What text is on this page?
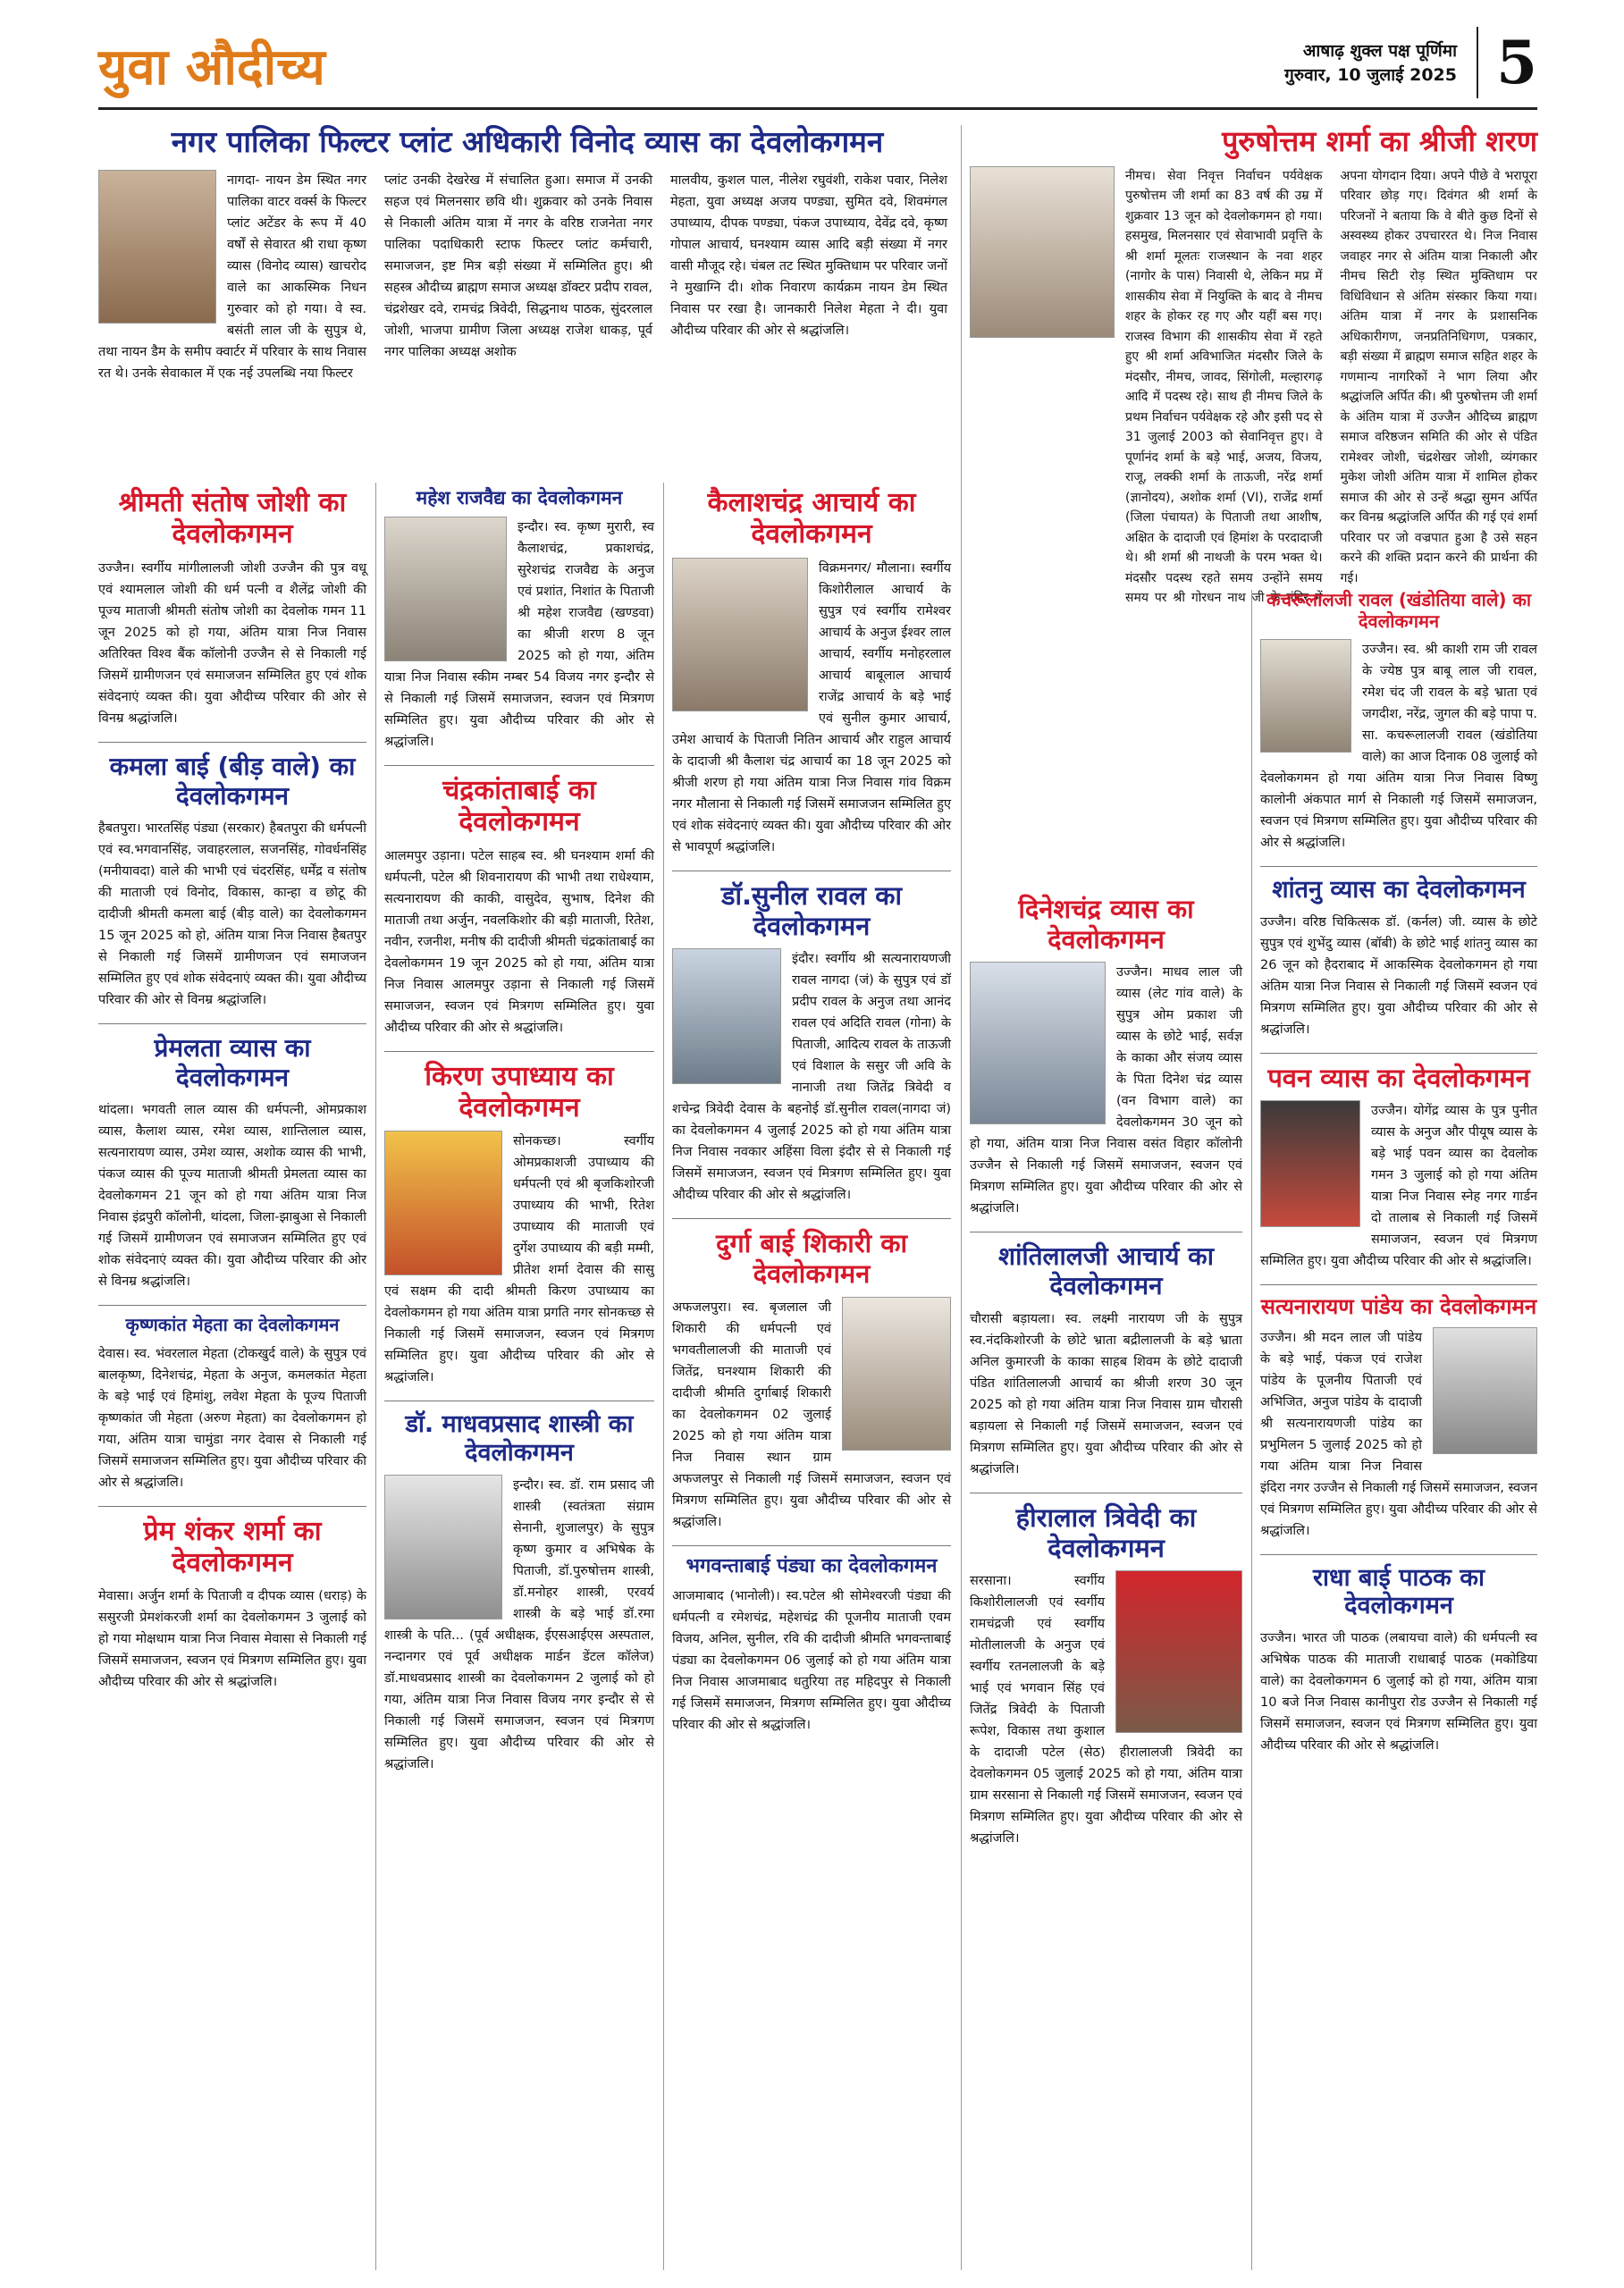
युवा औदीच्य	आषाढ़ शुक्ल पक्ष पूर्णिमा
गुरुवार, 10 जुलाई 2025 5
नगर पालिका फिल्टर प्लांट अधिकारी विनोद व्यास का देवलोकगमन

नागदा- नायन डेम स्थित नगर पालिका वाटर वर्क्स के फिल्टर प्लांट अटेंडर के रूप में 40 वर्षों से सेवारत श्री राधा कृष्ण व्यास (विनोद व्यास) खाचरोद वाले का आकस्मिक निधन गुरुवार को हो गया। वे स्व. बसंती लाल जी के सुपुत्र थे, तथा नायन डैम के समीप क्वार्टर में परिवार के साथ निवास रत थे। उनके सेवाकाल में एक नई उपलब्धि नया फिल्टर

प्लांट उनकी देखरेख में संचालित हुआ। समाज में उनकी सहज एवं मिलनसार छवि थी। शुक्रवार को उनके निवास से निकाली अंतिम यात्रा में नगर के वरिष्ठ राजनेता नगर पालिका पदाधिकारी स्टाफ फिल्टर प्लांट कर्मचारी, समाजजन, इष्ट मित्र बड़ी संख्या में सम्मिलित हुए। श्री सहस्त्र औदीच्य ब्राह्मण समाज अध्यक्ष डॉक्टर प्रदीप रावल, चंद्रशेखर दवे, रामचंद्र त्रिवेदी, सिद्धनाथ पाठक, सुंदरलाल जोशी, भाजपा ग्रामीण जिला अध्यक्ष राजेश धाकड़, पूर्व नगर पालिका अध्यक्ष अशोक

मालवीय, कुशल पाल, नीलेश रघुवंशी, राकेश पवार, निलेश मेहता, युवा अध्यक्ष अजय पण्ड्या, सुमित दवे, शिवमंगल उपाध्याय, दीपक पण्ड्या, पंकज उपाध्याय, देवेंद्र दवे, कृष्ण गोपाल आचार्य, घनश्याम व्यास आदि बड़ी संख्या में नगर वासी मौजूद रहे। चंबल तट स्थित मुक्तिधाम पर परिवार जनों ने मुखाग्नि दी। शोक निवारण कार्यक्रम नायन डेम स्थित निवास पर रखा है। जानकारी निलेश मेहता ने दी। युवा औदीच्य परिवार की ओर से श्रद्धांजलि।

पुरुषोत्तम शर्मा का श्रीजी शरण

नीमच। सेवा निवृत्त निर्वाचन पर्यवेक्षक पुरुषोत्तम जी शर्मा का 83 वर्ष की उम्र में शुक्रवार 13 जून को देवलोकगमन हो गया। हसमुख, मिलनसार एवं सेवाभावी प्रवृत्ति के श्री शर्मा मूलतः राजस्थान के नवा शहर (नागोर के पास) निवासी थे, लेकिन मप्र में शासकीय सेवा में नियुक्ति के बाद वे नीमच शहर के होकर रह गए और यहीं बस गए। राजस्व विभाग की शासकीय सेवा में रहते हुए श्री शर्मा अविभाजित मंदसौर जिले के मंदसौर, नीमच, जावद, सिंगोली, मल्हारगढ़ आदि में पदस्थ रहे। साथ ही नीमच जिले के प्रथम निर्वाचन पर्यवेक्षक रहे और इसी पद से 31 जुलाई 2003 को सेवानिवृत्त हुए। वे पूर्णानंद शर्मा के बड़े भाई, अजय, विजय, राजू, लक्की शर्मा के ताऊजी, नरेंद्र शर्मा (ज्ञानोदय), अशोक शर्मा (VI), राजेंद्र शर्मा (जिला पंचायत) के पिताजी तथा आशीष, अक्षित के दादाजी एवं हिमांश के परदादाजी थे। श्री शर्मा श्री नाथजी के परम भक्त थे। मंदसौर पदस्थ रहते समय उन्होंने समय समय पर श्री गोरधन नाथ जी के मंदिर में अपना योगदान दिया। अपने पीछे वे भरापूरा परिवार छोड़ गए। दिवंगत श्री शर्मा के परिजनों ने बताया कि वे बीते कुछ दिनों से अस्वस्थ्य होकर उपचाररत थे। निज निवास जवाहर नगर से अंतिम यात्रा निकाली और नीमच सिटी रोड़ स्थित मुक्तिधाम पर विधिविधान से अंतिम संस्कार किया गया। अंतिम यात्रा में नगर के प्रशासनिक अधिकारीगण, जनप्रतिनिधिगण, पत्रकार, बड़ी संख्या में ब्राह्मण समाज सहित शहर के गणमान्य नागरिकों ने भाग लिया और श्रद्धांजलि अर्पित की। श्री पुरुषोत्तम जी शर्मा के अंतिम यात्रा में उज्जैन औदिच्य ब्राह्मण समाज वरिष्ठजन समिति की ओर से पंडित रामेश्वर जोशी, चंद्रशेखर जोशी, व्यंगकार मुकेश जोशी अंतिम यात्रा में शामिल होकर समाज की ओर से उन्हें श्रद्धा सुमन अर्पित कर विनम्र श्रद्धांजलि अर्पित की गई एवं शर्मा परिवार पर जो वज्रपात हुआ है उसे सहन करने की शक्ति प्रदान करने की प्रार्थना की गई।

श्रीमती संतोष जोशी का देवलोकगमन

उज्जैन। स्वर्गीय मांगीलालजी जोशी उज्जैन की पुत्र वधू एवं श्यामलाल जोशी की धर्म पत्नी व शैलेंद्र जोशी की पूज्य माताजी श्रीमती संतोष जोशी का देवलोक गमन 11 जून 2025 को हो गया, अंतिम यात्रा निज निवास अतिरिक्त विश्व बैंक कॉलोनी उज्जैन से से निकाली गई जिसमें ग्रामीणजन एवं समाजजन सम्मिलित हुए एवं शोक संवेदनाएं व्यक्त की। युवा औदीच्य परिवार की ओर से विनम्र श्रद्धांजलि।

कमला बाई (बीड़ वाले) का देवलोकगमन

हैबतपुरा। भारतसिंह पंड्या (सरकार) हैबतपुरा की धर्मपत्नी एवं स्व.भगवानसिंह, जवाहरलाल, सजनसिंह, गोवर्धनसिंह (मनीयावदा) वाले की भाभी एवं चंदरसिंह, धर्मेंद्र व संतोष की माताजी एवं विनोद, विकास, कान्हा व छोटू की दादीजी श्रीमती कमला बाई (बीड़ वाले) का देवलोकगमन 15 जून 2025 को हो, अंतिम यात्रा निज निवास हैबतपुर से निकाली गई जिसमें ग्रामीणजन एवं समाजजन सम्मिलित हुए एवं शोक संवेदनाएं व्यक्त की। युवा औदीच्य परिवार की ओर से विनम्र श्रद्धांजलि।

प्रेमलता व्यास का देवलोकगमन

थांदला। भगवती लाल व्यास की धर्मपत्नी, ओमप्रकाश व्यास, कैलाश व्यास, रमेश व्यास, शान्तिलाल व्यास, सत्यनारायण व्यास, उमेश व्यास, अशोक व्यास की भाभी, पंकज व्यास की पूज्य माताजी श्रीमती प्रेमलता व्यास का देवलोकगमन 21 जून को हो गया अंतिम यात्रा निज निवास इंद्रपुरी कॉलोनी, थांदला, जिला-झाबुआ से निकाली गई जिसमें ग्रामीणजन एवं समाजजन सम्मिलित हुए एवं शोक संवेदनाएं व्यक्त की। युवा औदीच्य परिवार की ओर से विनम्र श्रद्धांजलि।

कृष्णकांत मेहता का देवलोकगमन

देवास। स्व. भंवरलाल मेहता (टोकखुर्द वाले) के सुपुत्र एवं बालकृष्ण, दिनेशचंद्र, मेहता के अनुज, कमलकांत मेहता के बड़े भाई एवं हिमांशु, लवेश मेहता के पूज्य पिताजी कृष्णकांत जी मेहता (अरुण मेहता) का देवलोकगमन हो गया, अंतिम यात्रा चामुंडा नगर देवास से निकाली गई जिसमें समाजजन सम्मिलित हुए। युवा औदीच्य परिवार की ओर से श्रद्धांजलि।

प्रेम शंकर शर्मा का देवलोकगमन

मेवासा। अर्जुन शर्मा के पिताजी व दीपक व्यास (धराड़) के ससुरजी प्रेमशंकरजी शर्मा का देवलोकगमन 3 जुलाई को हो गया मोक्षधाम यात्रा निज निवास मेवासा से निकाली गई जिसमें समाजजन, स्वजन एवं मित्रगण सम्मिलित हुए। युवा औदीच्य परिवार की ओर से श्रद्धांजलि।

महेश राजवैद्य का देवलोकगमन

इन्दौर। स्व. कृष्ण मुरारी, स्व कैलाशचंद्र, प्रकाशचंद्र, सुरेशचंद्र राजवैद्य के अनुज एवं प्रशांत, निशांत के पिताजी श्री महेश राजवैद्य (खण्डवा) का श्रीजी शरण 8 जून 2025 को हो गया, अंतिम यात्रा निज निवास स्कीम नम्बर 54 विजय नगर इन्दौर से से निकाली गई जिसमें समाजजन, स्वजन एवं मित्रगण सम्मिलित हुए। युवा औदीच्य परिवार की ओर से श्रद्धांजलि।

चंद्रकांताबाई का देवलोकगमन

आलमपुर उड़ाना। पटेल साहब स्व. श्री घनश्याम शर्मा की धर्मपत्नी, पटेल श्री शिवनारायण की भाभी तथा राधेश्याम, सत्यनारायण की काकी, वासुदेव, सुभाष, दिनेश की माताजी तथा अर्जुन, नवलकिशोर की बड़ी माताजी, रितेश, नवीन, रजनीश, मनीष की दादीजी श्रीमती चंद्रकांताबाई का देवलोकगमन 19 जून 2025 को हो गया, अंतिम यात्रा निज निवास आलमपुर उड़ाना से निकाली गई जिसमें समाजजन, स्वजन एवं मित्रगण सम्मिलित हुए। युवा औदीच्य परिवार की ओर से श्रद्धांजलि।

किरण उपाध्याय का देवलोकगमन

सोनकच्छ। स्वर्गीय ओमप्रकाशजी उपाध्याय की धर्मपत्नी एवं श्री बृजकिशोरजी उपाध्याय की भाभी, रितेश उपाध्याय की माताजी एवं दुर्गेश उपाध्याय की बड़ी मम्मी, प्रीतेश शर्मा देवास की सासु एवं सक्षम की दादी श्रीमती किरण उपाध्याय का देवलोकगमन हो गया अंतिम यात्रा प्रगति नगर सोनकच्छ से निकाली गई जिसमें समाजजन, स्वजन एवं मित्रगण सम्मिलित हुए। युवा औदीच्य परिवार की ओर से श्रद्धांजलि।

डॉ. माधवप्रसाद शास्त्री का देवलोकगमन

इन्दौर। स्व. डॉ. राम प्रसाद जी शास्त्री (स्वतंत्रता संग्राम सेनानी, शुजालपुर) के सुपुत्र कृष्ण कुमार व अभिषेक के पिताजी, डॉ.पुरुषोत्तम शास्त्री, डॉ.मनोहर शास्त्री, एरवर्य शास्त्री के बड़े भाई डॉ.रमा शास्त्री के पति... (पूर्व अधीक्षक, ईएसआईएस अस्पताल, नन्दानगर एवं पूर्व अधीक्षक मार्डन डेंटल कॉलेज) डॉ.माधवप्रसाद शास्त्री का देवलोकगमन 2 जुलाई को हो गया, अंतिम यात्रा निज निवास विजय नगर इन्दौर से से निकाली गई जिसमें समाजजन, स्वजन एवं मित्रगण सम्मिलित हुए। युवा औदीच्य परिवार की ओर से श्रद्धांजलि।

कैलाशचंद्र आचार्य का देवलोकगमन

विक्रमनगर/ मौलाना। स्वर्गीय किशोरीलाल आचार्य के सुपुत्र एवं स्वर्गीय रामेश्वर आचार्य के अनुज ईश्वर लाल आचार्य, स्वर्गीय मनोहरलाल आचार्य बाबूलाल आचार्य राजेंद्र आचार्य के बड़े भाई एवं सुनील कुमार आचार्य, उमेश आचार्य के पिताजी नितिन आचार्य और राहुल आचार्य के दादाजी श्री कैलाश चंद्र आचार्य का 18 जून 2025 को श्रीजी शरण हो गया अंतिम यात्रा निज निवास गांव विक्रम नगर मौलाना से निकाली गई जिसमें समाजजन सम्मिलित हुए एवं शोक संवेदनाएं व्यक्त की। युवा औदीच्य परिवार की ओर से भावपूर्ण श्रद्धांजलि।

डॉ.सुनील रावल का देवलोकगमन

इंदौर। स्वर्गीय श्री सत्यनारायणजी रावल नागदा (जं) के सुपुत्र एवं डॉ प्रदीप रावल के अनुज तथा आनंद रावल एवं अदिति रावल (गोना) के पिताजी, आदित्य रावल के ताऊजी एवं विशाल के ससुर जी अवि के नानाजी तथा जितेंद्र त्रिवेदी व शचेन्द्र त्रिवेदी देवास के बहनोई डॉ.सुनील रावल(नागदा जं) का देवलोकगमन 4 जुलाई 2025 को हो गया अंतिम यात्रा निज निवास नवकार अहिंसा विला इंदौर से से निकाली गई जिसमें समाजजन, स्वजन एवं मित्रगण सम्मिलित हुए। युवा औदीच्य परिवार की ओर से श्रद्धांजलि।

दुर्गा बाई शिकारी का देवलोकगमन

अफजलपुरा। स्व. बृजलाल जी शिकारी की धर्मपत्नी एवं भगवतीलालजी की माताजी एवं जितेंद्र, घनश्याम शिकारी की दादीजी श्रीमति दुर्गाबाई शिकारी का देवलोकगमन 02 जुलाई 2025 को हो गया अंतिम यात्रा निज निवास स्थान ग्राम अफजलपुर से निकाली गई जिसमें समाजजन, स्वजन एवं मित्रगण सम्मिलित हुए। युवा औदीच्य परिवार की ओर से श्रद्धांजलि।

भगवन्ताबाई पंड्या का देवलोकगमन

आजमाबाद (भानोली)। स्व.पटेल श्री सोमेश्वरजी पंड्या की धर्मपत्नी व रमेशचंद्र, महेशचंद्र की पूजनीय माताजी एवम विजय, अनिल, सुनील, रवि की दादीजी श्रीमति भगवन्ताबाई पंड्या का देवलोकगमन 06 जुलाई को हो गया अंतिम यात्रा निज निवास आजमाबाद धतुरिया तह महिदपुर से निकाली गई जिसमें समाजजन, मित्रगण सम्मिलित हुए। युवा औदीच्य परिवार की ओर से श्रद्धांजलि।

दिनेशचंद्र व्यास का देवलोकगमन

उज्जैन। माधव लाल जी व्यास (लेट गांव वाले) के सुपुत्र ओम प्रकाश जी व्यास के छोटे भाई, सर्वज्ञ के काका और संजय व्यास के पिता दिनेश चंद्र व्यास (वन विभाग वाले) का देवलोकगमन 30 जून को हो गया, अंतिम यात्रा निज निवास वसंत विहार कॉलोनी उज्जैन से निकाली गई जिसमें समाजजन, स्वजन एवं मित्रगण सम्मिलित हुए। युवा औदीच्य परिवार की ओर से श्रद्धांजलि।

शांतिलालजी आचार्य का देवलोकगमन

चौरासी बड़ायला। स्व. लक्ष्मी नारायण जी के सुपुत्र स्व.नंदकिशोरजी के छोटे भ्राता बद्रीलालजी के बड़े भ्राता अनिल कुमारजी के काका साहब शिवम के छोटे दादाजी पंडित शांतिलालजी आचार्य का श्रीजी शरण 30 जून 2025 को हो गया अंतिम यात्रा निज निवास ग्राम चौरासी बड़ायला से निकाली गई जिसमें समाजजन, स्वजन एवं मित्रगण सम्मिलित हुए। युवा औदीच्य परिवार की ओर से श्रद्धांजलि।

हीरालाल त्रिवेदी का देवलोकगमन

सरसाना। स्वर्गीय किशोरीलालजी एवं स्वर्गीय रामचंद्रजी एवं स्वर्गीय मोतीलालजी के अनुज एवं स्वर्गीय रतनलालजी के बड़े भाई एवं भगवान सिंह एवं जितेंद्र त्रिवेदी के पिताजी रूपेश, विकास तथा कुशाल के दादाजी पटेल (सेठ) हीरालालजी त्रिवेदी का देवलोकगमन 05 जुलाई 2025 को हो गया, अंतिम यात्रा ग्राम सरसाना से निकाली गई जिसमें समाजजन, स्वजन एवं मित्रगण सम्मिलित हुए। युवा औदीच्य परिवार की ओर से श्रद्धांजलि।

कचरूलालजी रावल (खंडोतिया वाले) का देवलोकगमन

उज्जैन। स्व. श्री काशी राम जी रावल के ज्येष्ठ पुत्र बाबू लाल जी रावल, रमेश चंद जी रावल के बड़े भ्राता एवं जगदीश, नरेंद्र, जुगल की बड़े पापा प. सा. कचरूलालजी रावल (खंडोतिया वाले) का आज दिनाक 08 जुलाई को देवलोकगमन हो गया अंतिम यात्रा निज निवास विष्णु कालोनी अंकपात मार्ग से निकाली गई जिसमें समाजजन, स्वजन एवं मित्रगण सम्मिलित हुए। युवा औदीच्य परिवार की ओर से श्रद्धांजलि।

शांतनु व्यास का देवलोकगमन

उज्जैन। वरिष्ठ चिकित्सक डॉ. (कर्नल) जी. व्यास के छोटे सुपुत्र एवं शुभेंदु व्यास (बॉबी) के छोटे भाई शांतनु व्यास का 26 जून को हैदराबाद में आकस्मिक देवलोकगमन हो गया अंतिम यात्रा निज निवास से निकाली गई जिसमें स्वजन एवं मित्रगण सम्मिलित हुए। युवा औदीच्य परिवार की ओर से श्रद्धांजलि।

पवन व्यास का देवलोकगमन

उज्जैन। योगेंद्र व्यास के पुत्र पुनीत व्यास के अनुज और पीयूष व्यास के बड़े भाई पवन व्यास का देवलोक गमन 3 जुलाई को हो गया अंतिम यात्रा निज निवास स्नेह नगर गार्डन दो तालाब से निकाली गई जिसमें समाजजन, स्वजन एवं मित्रगण सम्मिलित हुए। युवा औदीच्य परिवार की ओर से श्रद्धांजलि।

सत्यनारायण पांडेय का देवलोकगमन

उज्जैन। श्री मदन लाल जी पांडेय के बड़े भाई, पंकज एवं राजेश पांडेय के पूजनीय पिताजी एवं अभिजित, अनुज पांडेय के दादाजी श्री सत्यनारायणजी पांडेय का प्रभुमिलन 5 जुलाई 2025 को हो गया अंतिम यात्रा निज निवास इंदिरा नगर उज्जैन से निकाली गई जिसमें समाजजन, स्वजन एवं मित्रगण सम्मिलित हुए। युवा औदीच्य परिवार की ओर से श्रद्धांजलि।

राधा बाई पाठक का देवलोकगमन

उज्जैन। भारत जी पाठक (लबायचा वाले) की धर्मपत्नी स्व अभिषेक पाठक की माताजी राधाबाई पाठक (मकोडिया वाले) का देवलोकगमन 6 जुलाई को हो गया, अंतिम यात्रा 10 बजे निज निवास कानीपुरा रोड उज्जैन से निकाली गई जिसमें समाजजन, स्वजन एवं मित्रगण सम्मिलित हुए। युवा औदीच्य परिवार की ओर से श्रद्धांजलि।
